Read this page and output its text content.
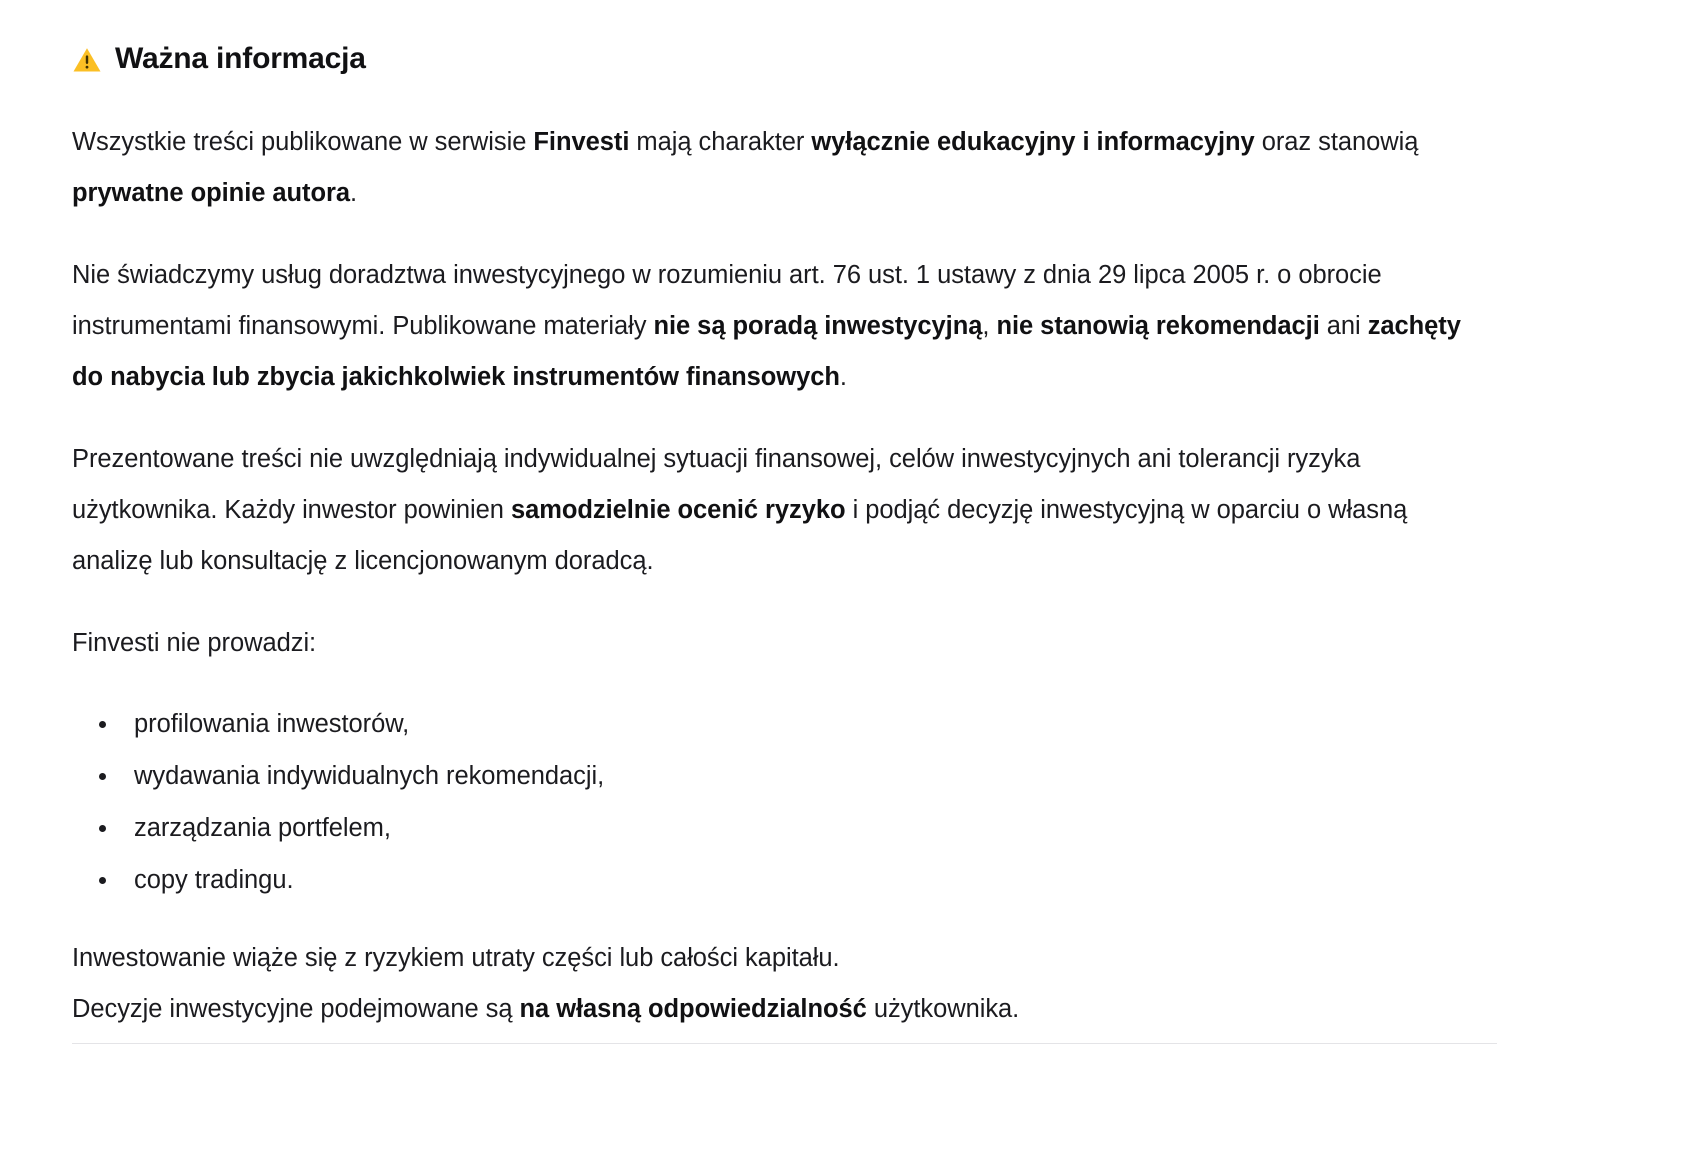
Ważna informacja

Wszystkie treści publikowane w serwisie Finvesti mają charakter wyłącznie edukacyjny i informacyjny oraz stanowią prywatne opinie autora.

Nie świadczymy usług doradztwa inwestycyjnego w rozumieniu art. 76 ust. 1 ustawy z dnia 29 lipca 2005 r. o obrocie instrumentami finansowymi. Publikowane materiały nie są poradą inwestycyjną, nie stanowią rekomendacji ani zachęty do nabycia lub zbycia jakichkolwiek instrumentów finansowych.

Prezentowane treści nie uwzględniają indywidualnej sytuacji finansowej, celów inwestycyjnych ani tolerancji ryzyka użytkownika. Każdy inwestor powinien samodzielnie ocenić ryzyko i podjąć decyzję inwestycyjną w oparciu o własną analizę lub konsultację z licencjonowanym doradcą.

Finvesti nie prowadzi:

profilowania inwestorów,
wydawania indywidualnych rekomendacji,
zarządzania portfelem,
copy tradingu.
Inwestowanie wiąże się z ryzykiem utraty części lub całości kapitału.
Decyzje inwestycyjne podejmowane są na własną odpowiedzialność użytkownika.
